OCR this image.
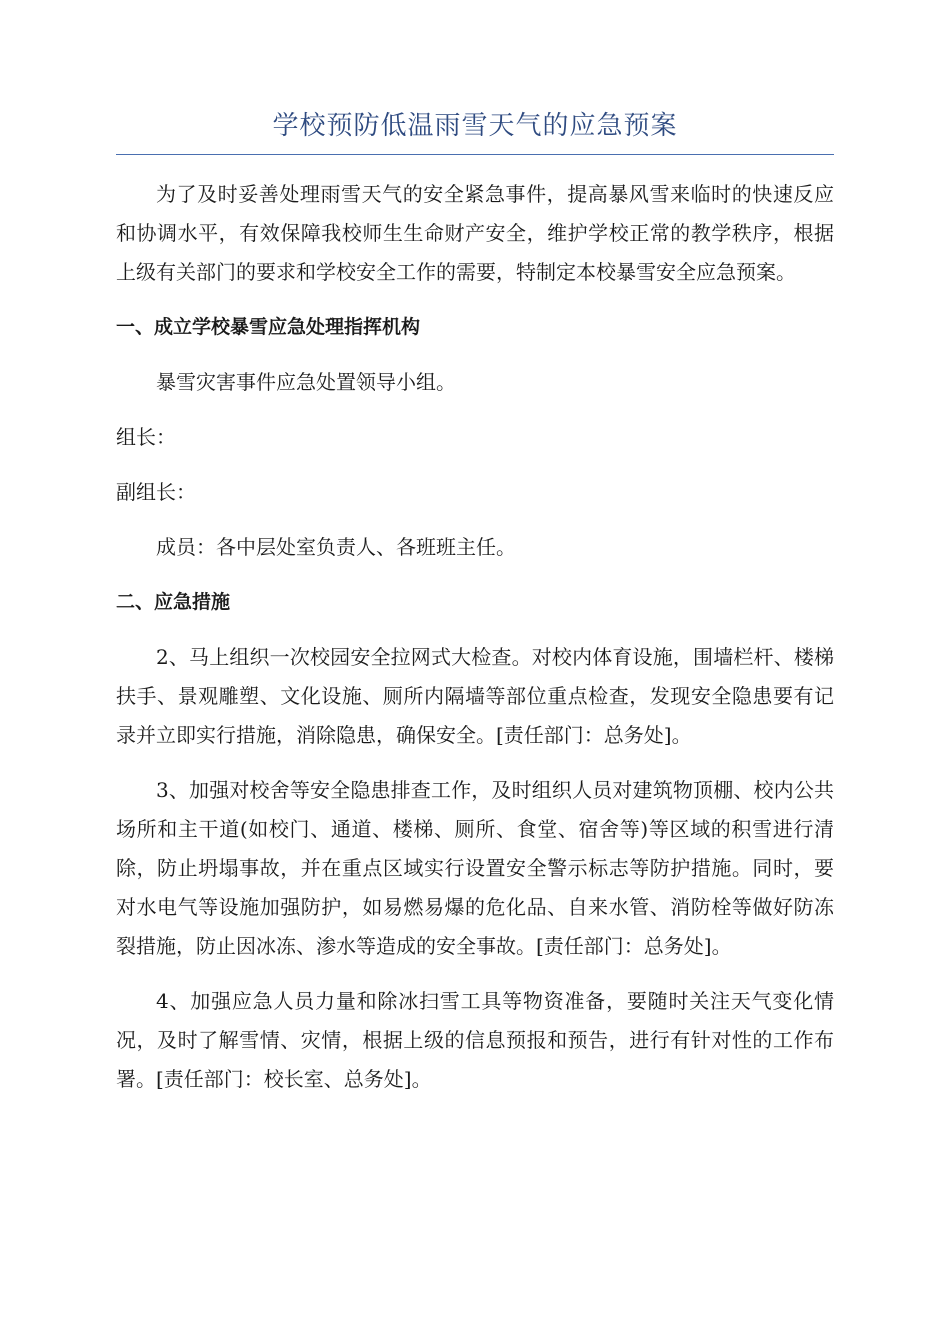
学校预防低温雨雪天气的应急预案

为了及时妥善处理雨雪天气的安全紧急事件，提高暴风雪来临时的快速反应和协调水平，有效保障我校师生生命财产安全，维护学校正常的教学秩序，根据上级有关部门的要求和学校安全工作的需要，特制定本校暴雪安全应急预案。

一、成立学校暴雪应急处理指挥机构

暴雪灾害事件应急处置领导小组。

组长：

副组长：

成员：各中层处室负责人、各班班主任。

二、应急措施

2、马上组织一次校园安全拉网式大检查。对校内体育设施，围墙栏杆、楼梯扶手、景观雕塑、文化设施、厕所内隔墙等部位重点检查，发现安全隐患要有记录并立即实行措施，消除隐患，确保安全。[责任部门：总务处]。

3、加强对校舍等安全隐患排查工作，及时组织人员对建筑物顶棚、校内公共场所和主干道(如校门、通道、楼梯、厕所、食堂、宿舍等)等区域的积雪进行清除，防止坍塌事故，并在重点区域实行设置安全警示标志等防护措施。同时，要对水电气等设施加强防护，如易燃易爆的危化品、自来水管、消防栓等做好防冻裂措施，防止因冰冻、渗水等造成的安全事故。[责任部门：总务处]。

4、加强应急人员力量和除冰扫雪工具等物资准备，要随时关注天气变化情况，及时了解雪情、灾情，根据上级的信息预报和预告，进行有针对性的工作布署。[责任部门：校长室、总务处]。
